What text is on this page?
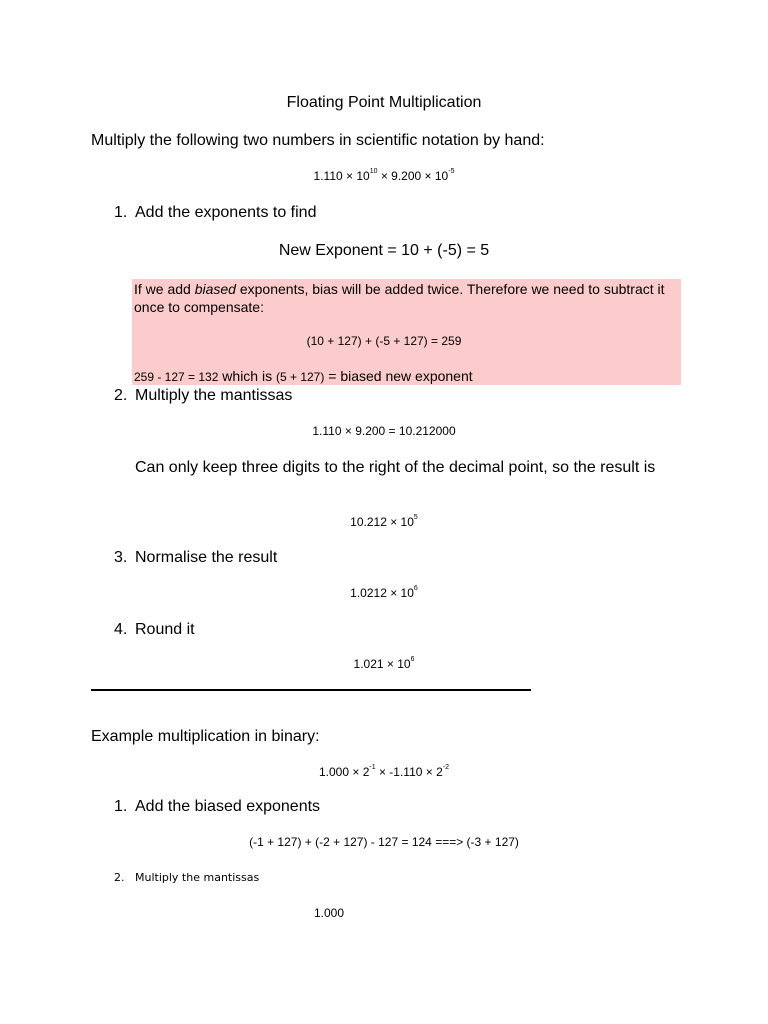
Floating Point Multiplication
Multiply the following two numbers in scientific notation by hand:
$1.110 \times 10^{10} \times 9.200 \times 10^{-5}$
1. Add the exponents to find
New Exponent = 10 + (-5) = 5
If we add biased exponents, bias will be added twice. Therefore we need to subtract it once to compensate:
(10 + 127) + (-5 + 127) = 259
259 - 127 = 132 which is (5 + 127) = biased new exponent
2. Multiply the mantissas
1.110 × 9.200 = 10.212000
Can only keep three digits to the right of the decimal point, so the result is
$10.212 \times 10^5$
3. Normalise the result
$1.0212 \times 10^6$
4. Round it
$1.021 \times 10^6$
Example multiplication in binary:
$1.000 \times 2^{-1} \times -1.110 \times 2^{-2}$
1. Add the biased exponents
(-1 + 127) + (-2 + 127) - 127 = 124 ===> (-3 + 127)
2. Multiply the mantissas
1.000
